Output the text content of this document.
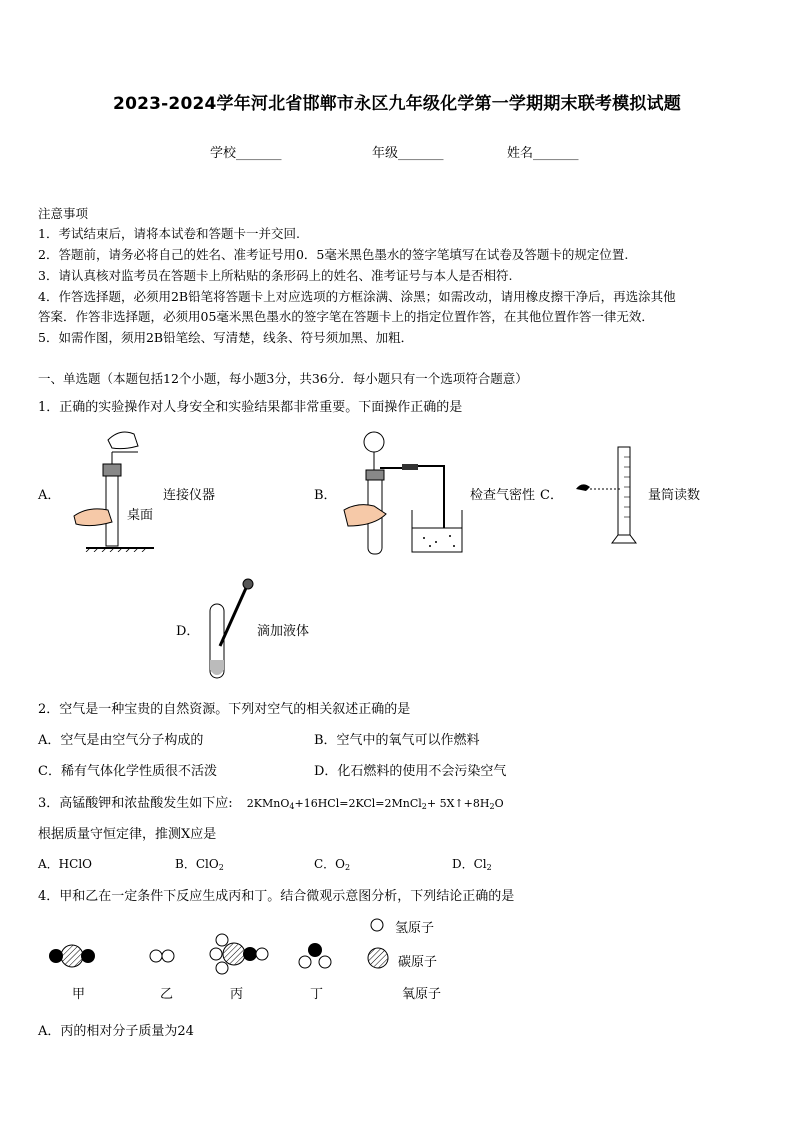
2023-2024学年河北省邯郸市永区九年级化学第一学期期末联考模拟试题
学校_______	年级_______	姓名_______
注意事项
1．考试结束后，请将本试卷和答题卡一并交回.
2．答题前，请务必将自己的姓名、准考证号用0．5毫米黑色墨水的签字笔填写在试卷及答题卡的规定位置.
3．请认真核对监考员在答题卡上所粘贴的条形码上的姓名、准考证号与本人是否相符.
4．作答选择题，必须用2B铅笔将答题卡上对应选项的方框涂满、涂黑；如需改动，请用橡皮擦干净后，再选涂其他
答案．作答非选择题，必须用05毫米黑色墨水的签字笔在答题卡上的指定位置作答，在其他位置作答一律无效．
5．如需作图，须用2B铅笔绘、写清楚，线条、符号须加黑、加粗．
一、单选题（本题包括12个小题，每小题3分，共36分．每小题只有一个选项符合题意）
1．正确的实验操作对人身安全和实验结果都非常重要。下面操作正确的是
A．	连接仪器
桌面
B．	检查气密性 C．	量筒读数
D．	滴加液体
2．空气是一种宝贵的自然资源。下列对空气的相关叙述正确的是
A．空气是由空气分子构成的	B．空气中的氧气可以作燃料
C．稀有气体化学性质很不活泼	D．化石燃料的使用不会污染空气
3．高锰酸钾和浓盐酸发生如下应: 2KMnO$_4$+16HCl=2KCl=2MnCl$_2$+ $5X↑+8H_2O$
根据质量守恒定律，推测X应是
A．HClO	B．ClO$_2$	C．$O_2$	D．$Cl_2$
4．甲和乙在一定条件下反应生成丙和丁。结合微观示意图分析，下列结论正确的是
氢原子
碳原子
氧原子
甲	乙	丙	丁
A．丙的相对分子质量为24
